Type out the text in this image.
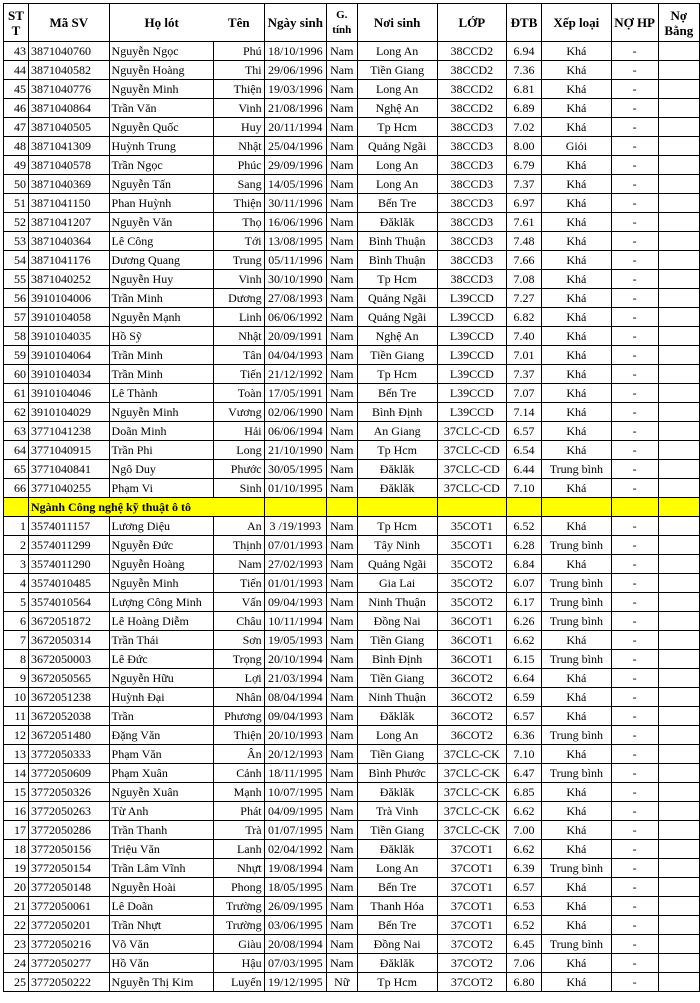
ST T	Mã SV	Họ lót	Tên	Ngày sinh	G. tính	Nơi sinh	LỚP	ĐTB	Xếp loại	NỢ HP	Nợ Bằng
43	3871040760	Nguyễn Ngọc	Phú	18/10/1996	Nam	Long An	38CCD2	6.94	Khá	-	
44	3871040582	Nguyễn Hoàng	Thi	29/06/1996	Nam	Tiền Giang	38CCD2	7.36	Khá	-	
45	3871040776	Nguyễn Minh	Thiện	19/03/1996	Nam	Long An	38CCD2	6.81	Khá	-	
46	3871040864	Trần Văn	Vinh	21/08/1996	Nam	Nghệ An	38CCD2	6.89	Khá	-	
47	3871040505	Nguyễn Quốc	Huy	20/11/1994	Nam	Tp Hcm	38CCD3	7.02	Khá	-	
48	3871041309	Huỳnh Trung	Nhật	25/04/1996	Nam	Quảng Ngãi	38CCD3	8.00	Giỏi	-	
49	3871040578	Trần Ngọc	Phúc	29/09/1996	Nam	Long An	38CCD3	6.79	Khá	-	
50	3871040369	Nguyễn Tấn	Sang	14/05/1996	Nam	Long An	38CCD3	7.37	Khá	-	
51	3871041150	Phan Huỳnh	Thiện	30/11/1996	Nam	Bến Tre	38CCD3	6.97	Khá	-	
52	3871041207	Nguyễn Văn	Thọ	16/06/1996	Nam	Đăklăk	38CCD3	7.61	Khá	-	
53	3871040364	Lê Công	Tới	13/08/1995	Nam	Bình Thuận	38CCD3	7.48	Khá	-	
54	3871041176	Dương Quang	Trung	05/11/1996	Nam	Bình Thuận	38CCD3	7.66	Khá	-	
55	3871040252	Nguyễn Huy	Vinh	30/10/1990	Nam	Tp Hcm	38CCD3	7.08	Khá	-	
56	3910104006	Trần Minh	Dương	27/08/1993	Nam	Quảng Ngãi	L39CCD	7.27	Khá	-	
57	3910104058	Nguyễn Mạnh	Linh	06/06/1992	Nam	Quảng Ngãi	L39CCD	6.82	Khá	-	
58	3910104035	Hồ Sỹ	Nhật	20/09/1991	Nam	Nghệ An	L39CCD	7.40	Khá	-	
59	3910104064	Trần Minh	Tân	04/04/1993	Nam	Tiền Giang	L39CCD	7.01	Khá	-	
60	3910104034	Trần Minh	Tiến	21/12/1992	Nam	Tp Hcm	L39CCD	7.37	Khá	-	
61	3910104046	Lê Thành	Toàn	17/05/1991	Nam	Bến Tre	L39CCD	7.07	Khá	-	
62	3910104029	Nguyễn Minh	Vương	02/06/1990	Nam	Bình Định	L39CCD	7.14	Khá	-	
63	3771041238	Doãn Minh	Hải	06/06/1994	Nam	An Giang	37CLC-CD	6.57	Khá	-	
64	3771040915	Trần Phi	Long	21/10/1990	Nam	Tp Hcm	37CLC-CD	6.54	Khá	-	
65	3771040841	Ngô Duy	Phước	30/05/1995	Nam	Đăklăk	37CLC-CD	6.44	Trung bình	-	
66	3771040255	Phạm Vi	Sinh	01/10/1995	Nam	Đăklăk	37CLC-CD	7.10	Khá	-	
	Ngành Công nghệ kỹ thuật ô tô										
1	3574011157	Lương Diệu	An	3 /19/1993	Nam	Tp Hcm	35COT1	6.52	Khá	-	
2	3574011299	Nguyễn Đức	Thịnh	07/01/1993	Nam	Tây Ninh	35COT1	6.28	Trung bình	-	
3	3574011290	Nguyễn Hoàng	Nam	27/02/1993	Nam	Quảng Ngãi	35COT2	6.84	Khá	-	
4	3574010485	Nguyễn Minh	Tiến	01/01/1993	Nam	Gia Lai	35COT2	6.07	Trung bình	-	
5	3574010564	Lượng Công Minh	Vấn	09/04/1993	Nam	Ninh Thuận	35COT2	6.17	Trung bình	-	
6	3672051872	Lê Hoàng Diễm	Châu	10/11/1994	Nam	Đồng Nai	36COT1	6.26	Trung bình	-	
7	3672050314	Trần Thái	Sơn	19/05/1993	Nam	Tiền Giang	36COT1	6.62	Khá	-	
8	3672050003	Lê Đức	Trọng	20/10/1994	Nam	Bình Định	36COT1	6.15	Trung bình	-	
9	3672050565	Nguyễn Hữu	Lợi	21/03/1994	Nam	Tiền Giang	36COT2	6.64	Khá	-	
10	3672051238	Huỳnh Đại	Nhân	08/04/1994	Nam	Ninh Thuận	36COT2	6.59	Khá	-	
11	3672052038	Trần	Phương	09/04/1993	Nam	Đăklăk	36COT2	6.57	Khá	-	
12	3672051480	Đặng Văn	Thiện	20/10/1993	Nam	Long An	36COT2	6.36	Trung bình	-	
13	3772050333	Phạm Văn	Ân	20/12/1993	Nam	Tiền Giang	37CLC-CK	7.10	Khá	-	
14	3772050609	Phạm Xuân	Cảnh	18/11/1995	Nam	Bình Phước	37CLC-CK	6.47	Trung bình	-	
15	3772050326	Nguyễn Xuân	Mạnh	10/07/1995	Nam	Đăklăk	37CLC-CK	6.85	Khá	-	
16	3772050263	Từ Anh	Phát	04/09/1995	Nam	Trà Vinh	37CLC-CK	6.62	Khá	-	
17	3772050286	Trần Thanh	Trà	01/07/1995	Nam	Tiền Giang	37CLC-CK	7.00	Khá	-	
18	3772050156	Triệu Văn	Lanh	02/04/1992	Nam	Đăklăk	37COT1	6.62	Khá	-	
19	3772050154	Trần Lâm Vĩnh	Nhựt	19/08/1994	Nam	Long An	37COT1	6.39	Trung bình	-	
20	3772050148	Nguyễn Hoài	Phong	18/05/1995	Nam	Bến Tre	37COT1	6.57	Khá	-	
21	3772050061	Lê Doãn	Trường	26/09/1995	Nam	Thanh Hóa	37COT1	6.53	Khá	-	
22	3772050201	Trần Nhựt	Trường	03/06/1995	Nam	Bến Tre	37COT1	6.52	Khá	-	
23	3772050216	Võ Văn	Giàu	20/08/1994	Nam	Đồng Nai	37COT2	6.45	Trung bình	-	
24	3772050277	Hồ Văn	Hậu	07/03/1995	Nam	Đăklăk	37COT2	7.06	Khá	-	
25	3772050222	Nguyễn Thị Kim	Luyến	19/12/1995	Nữ	Tp Hcm	37COT2	6.80	Khá	-	
